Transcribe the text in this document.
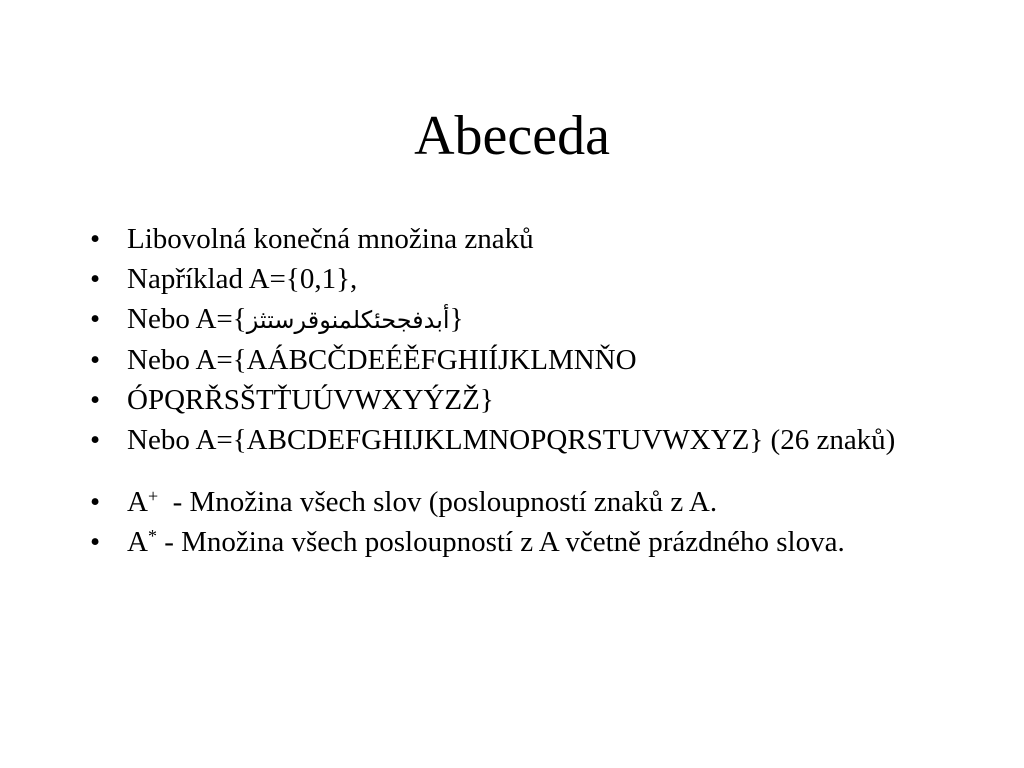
Abeceda
• Libovolná konečná množina znaků
• Například A={0,1},
• Nebo A={أبدفجحئكلمنوقرستثز}
• Nebo A={AÁBCČDEÉĚFGHIÍJKLMNŇO
• ÓPQRŘSŠTŤUÚVWXYÝZŽ}
• Nebo A={ABCDEFGHIJKLMNOPQRSTUVWXYZ} (26 znaků)
• A+  - Množina všech slov (posloupností znaků z A.
• A* - Množina všech posloupností z A včetně prázdného slova.
